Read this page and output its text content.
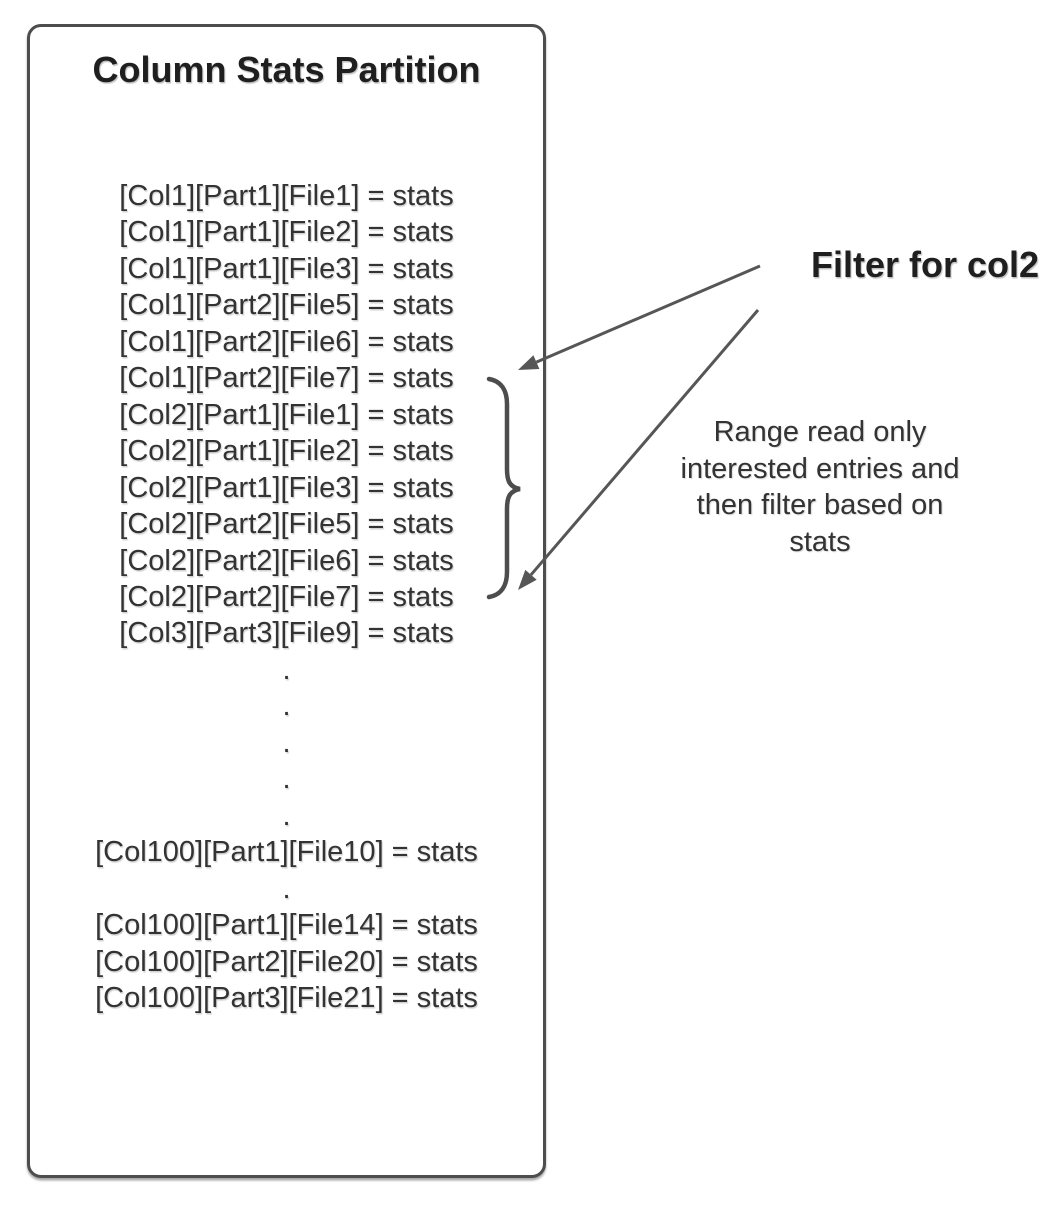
Column Stats Partition
[Col1][Part1][File1] = stats
[Col1][Part1][File2] = stats
[Col1][Part1][File3] = stats
[Col1][Part2][File5] = stats
[Col1][Part2][File6] = stats
[Col1][Part2][File7] = stats
[Col2][Part1][File1] = stats
[Col2][Part1][File2] = stats
[Col2][Part1][File3] = stats
[Col2][Part2][File5] = stats
[Col2][Part2][File6] = stats
[Col2][Part2][File7] = stats
[Col3][Part3][File9] = stats
.
.
.
.
.
[Col100][Part1][File10] = stats
.
[Col100][Part1][File14] = stats
[Col100][Part2][File20] = stats
[Col100][Part3][File21] = stats
Filter for col2
Range read only
interested entries and
then filter based on
stats
